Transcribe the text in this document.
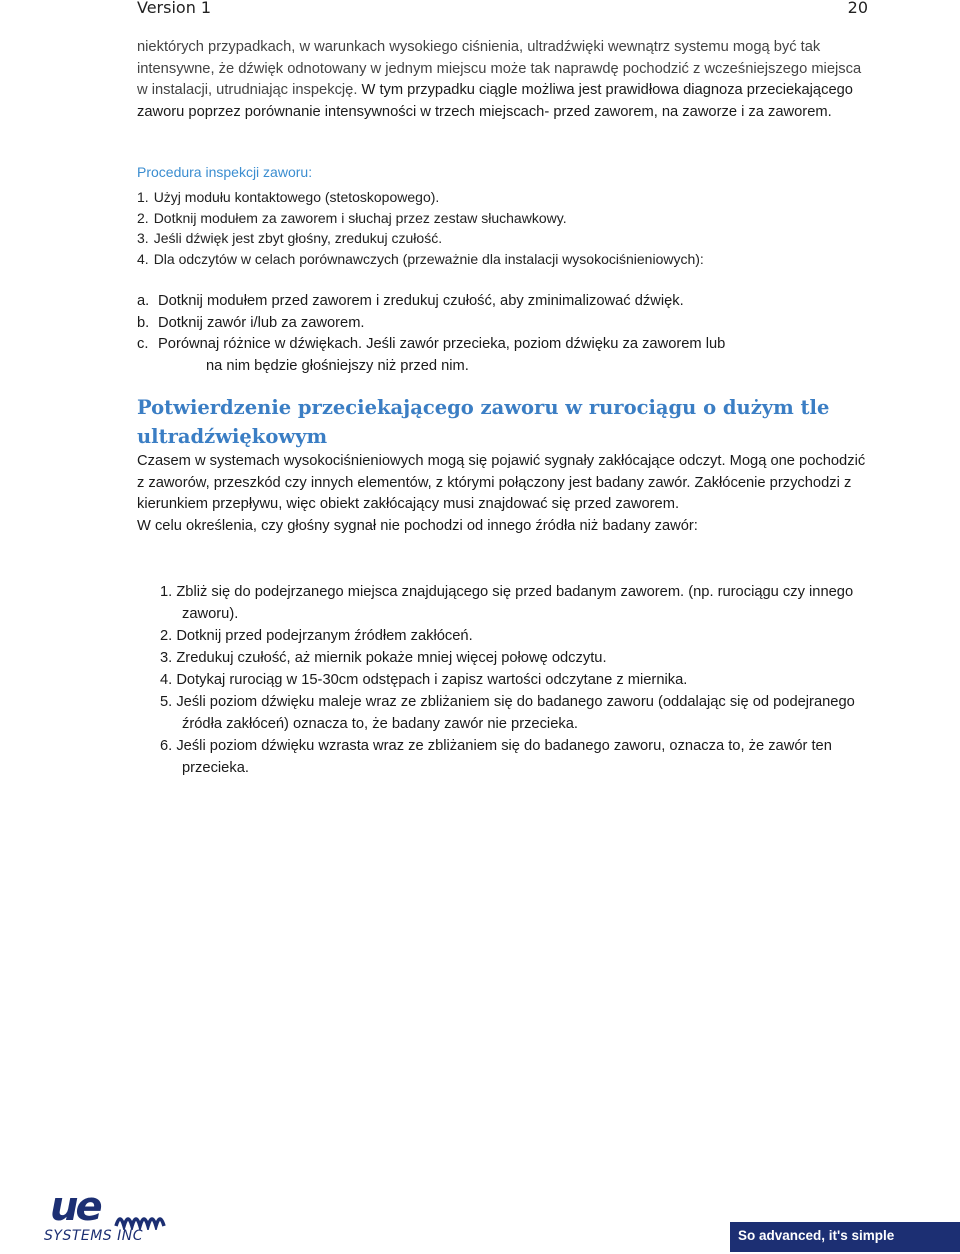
Version 1	20
niektórych przypadkach, w warunkach wysokiego ciśnienia, ultradźwięki wewnątrz systemu mogą być tak intensywne, że dźwięk odnotowany w jednym miejscu może tak naprawdę pochodzić z wcześniejszego miejsca w instalacji, utrudniając inspekcję. W tym przypadku ciągle możliwa jest prawidłowa diagnoza przeciekającego zaworu poprzez porównanie intensywności w trzech miejscach- przed zaworem, na zaworze i za zaworem.
Procedura inspekcji zaworu:
1. Użyj modułu kontaktowego (stetoskopowego).
2. Dotknij modułem za zaworem i słuchaj przez zestaw słuchawkowy.
3. Jeśli dźwięk jest zbyt głośny, zredukuj czułość.
4. Dla odczytów w celach porównawczych (przeważnie dla instalacji wysokociśnieniowych):
a. Dotknij modułem przed zaworem i zredukuj czułość, aby zminimalizować dźwięk.
b. Dotknij zawór i/lub za zaworem.
c. Porównaj różnice w dźwiękach. Jeśli zawór przecieka, poziom dźwięku za zaworem lub
na nim będzie głośniejszy niż przed nim.
Potwierdzenie przeciekającego zaworu w rurociągu o dużym tle ultradźwiękowym
Czasem w systemach wysokociśnieniowych mogą się pojawić sygnały zakłócające odczyt. Mogą one pochodzić z zaworów, przeszkód czy innych elementów, z którymi połączony jest badany zawór. Zakłócenie przychodzi z kierunkiem przepływu, więc obiekt zakłócający musi znajdować się przed zaworem.
W celu określenia, czy głośny sygnał nie pochodzi od innego źródła niż badany zawór:
1. Zbliż się do podejrzanego miejsca znajdującego się przed badanym zaworem. (np. rurociągu czy innego zaworu).
2. Dotknij przed podejrzanym źródłem zakłóceń.
3. Zredukuj czułość, aż miernik pokaże mniej więcej połowę odczytu.
4. Dotykaj rurociąg w 15-30cm odstępach i zapisz wartości odczytane z miernika.
5. Jeśli poziom dźwięku maleje wraz ze zbliżaniem się do badanego zaworu (oddalając się od podejranego źródła zakłóceń) oznacza to, że badany zawór nie przecieka.
6. Jeśli poziom dźwięku wzrasta wraz ze zbliżaniem się do badanego zaworu, oznacza to, że zawór ten przecieka.
ue
SYSTEMS INC	So advanced, it's simple
